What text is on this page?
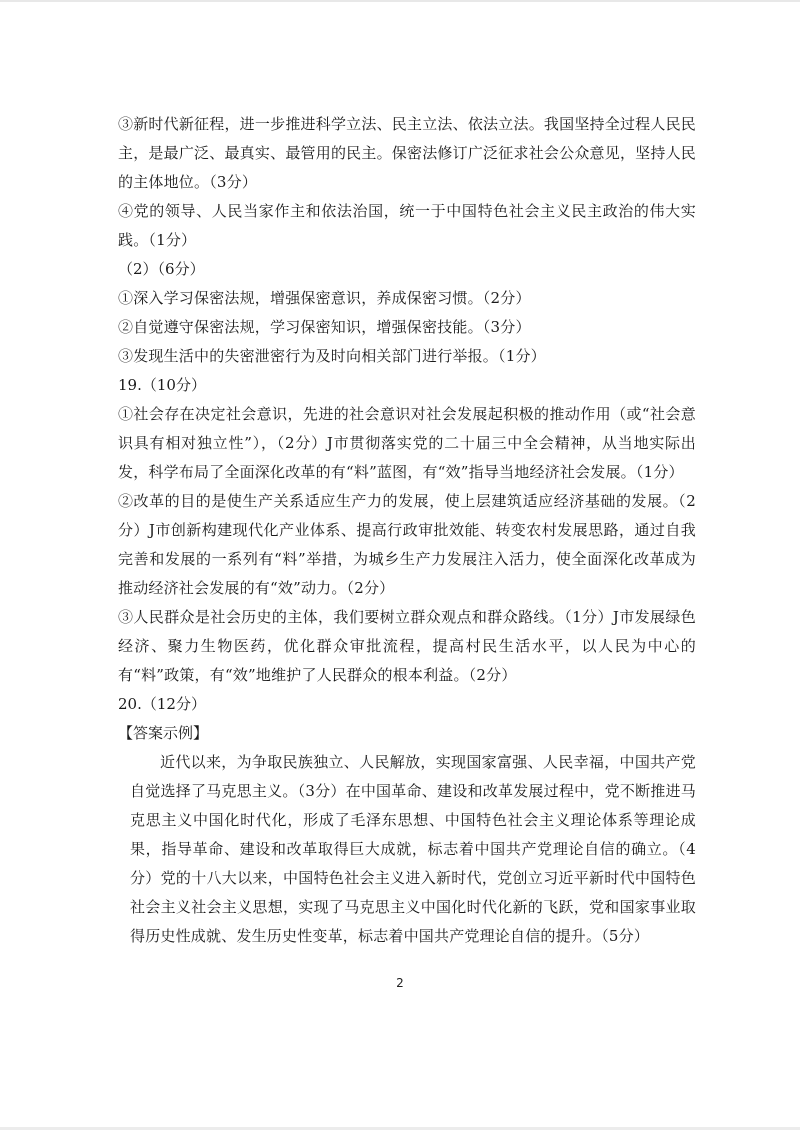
③新时代新征程，进一步推进科学立法、民主立法、依法立法。我国坚持全过程人民民主，是最广泛、最真实、最管用的民主。保密法修订广泛征求社会公众意见，坚持人民的主体地位。（3分）

④党的领导、人民当家作主和依法治国，统一于中国特色社会主义民主政治的伟大实践。（1分）

（2）（6分）

①深入学习保密法规，增强保密意识，养成保密习惯。（2分）

②自觉遵守保密法规，学习保密知识，增强保密技能。（3分）

③发现生活中的失密泄密行为及时向相关部门进行举报。（1分）

19.（10分）

①社会存在决定社会意识，先进的社会意识对社会发展起积极的推动作用（或“社会意识具有相对独立性”），（2分）J市贯彻落实党的二十届三中全会精神，从当地实际出发，科学布局了全面深化改革的有“料”蓝图，有“效”指导当地经济社会发展。（1分）

②改革的目的是使生产关系适应生产力的发展，使上层建筑适应经济基础的发展。（2分）J市创新构建现代化产业体系、提高行政审批效能、转变农村发展思路，通过自我完善和发展的一系列有“料”举措，为城乡生产力发展注入活力，使全面深化改革成为推动经济社会发展的有“效”动力。（2分）

③人民群众是社会历史的主体，我们要树立群众观点和群众路线。（1分）J市发展绿色经济、聚力生物医药，优化群众审批流程，提高村民生活水平，以人民为中心的有“料”政策，有“效”地维护了人民群众的根本利益。（2分）

20.（12分）

【答案示例】

近代以来，为争取民族独立、人民解放，实现国家富强、人民幸福，中国共产党自觉选择了马克思主义。（3分）在中国革命、建设和改革发展过程中，党不断推进马克思主义中国化时代化，形成了毛泽东思想、中国特色社会主义理论体系等理论成果，指导革命、建设和改革取得巨大成就，标志着中国共产党理论自信的确立。（4分）党的十八大以来，中国特色社会主义进入新时代，党创立习近平新时代中国特色社会主义社会主义思想，实现了马克思主义中国化时代化新的飞跃，党和国家事业取得历史性成就、发生历史性变革，标志着中国共产党理论自信的提升。（5分）

2
